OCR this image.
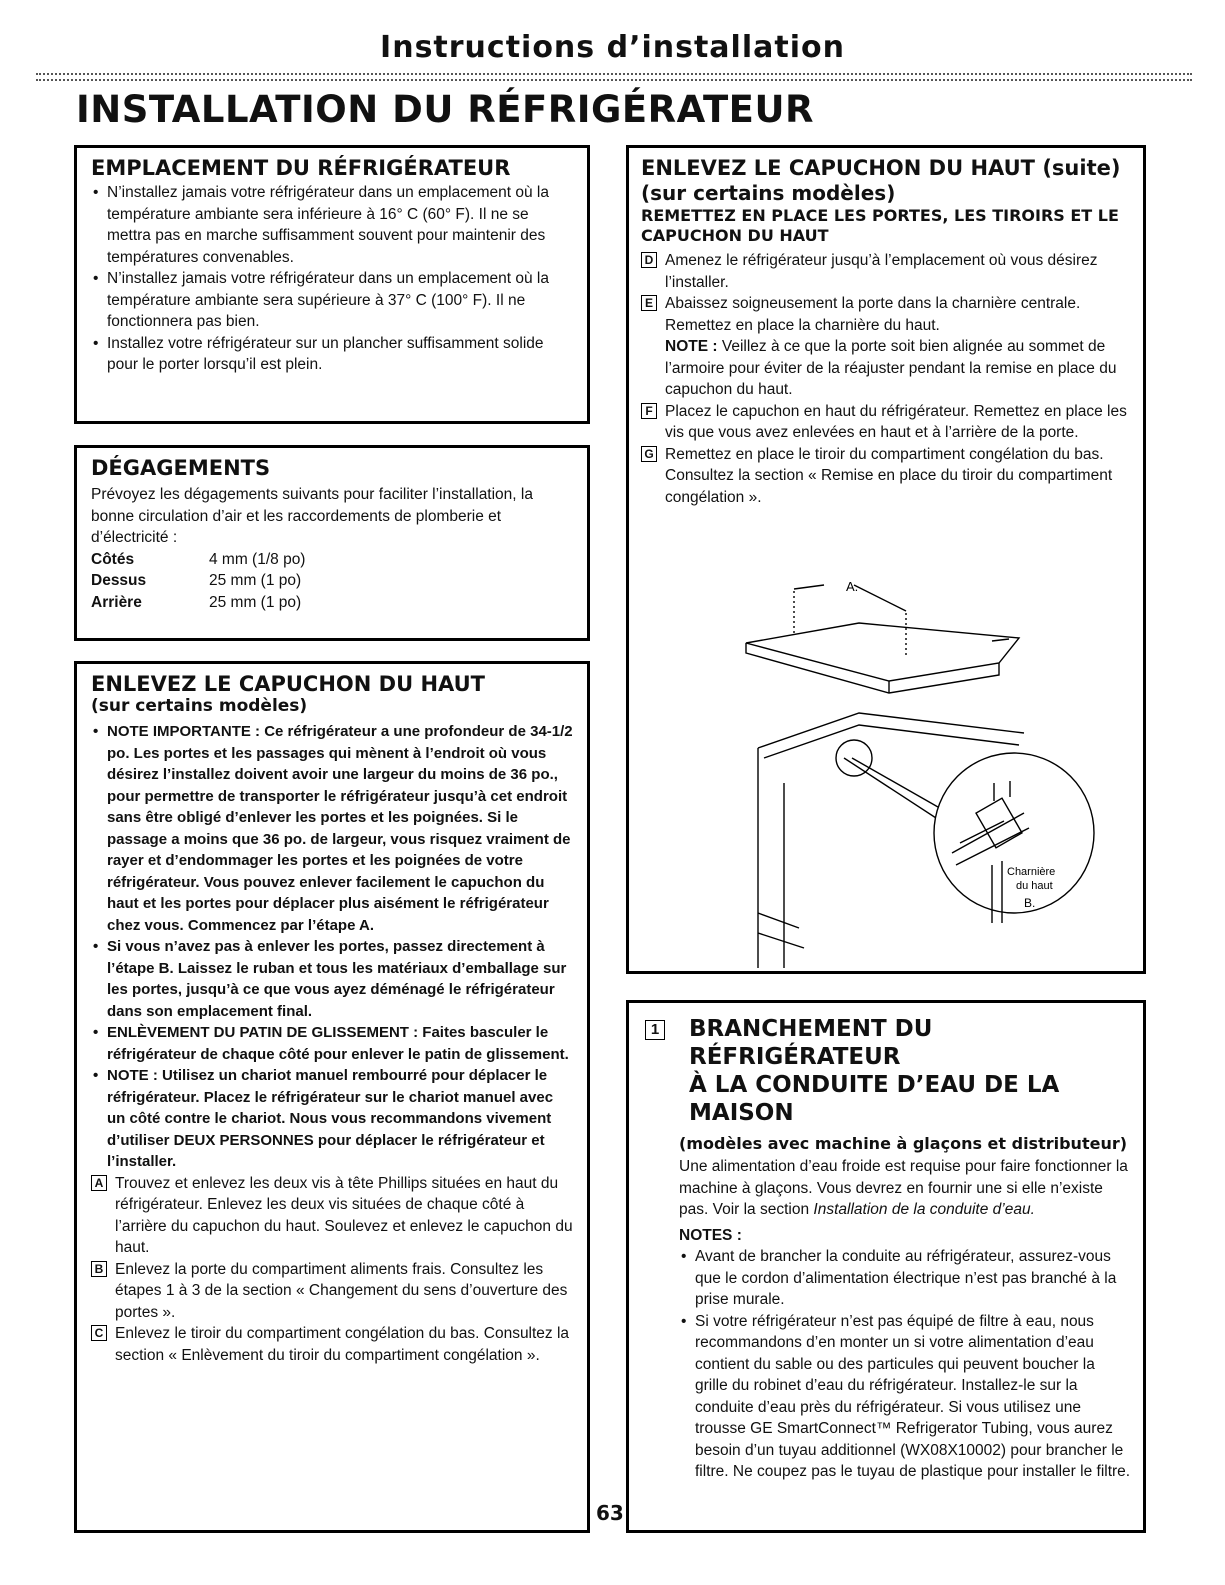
Instructions d’installation
INSTALLATION DU RÉFRIGÉRATEUR
EMPLACEMENT DU RÉFRIGÉRATEUR
• N’installez jamais votre réfrigérateur dans un emplacement où la température ambiante sera inférieure à 16° C (60° F). Il ne se mettra pas en marche suffisamment souvent pour maintenir des températures convenables.
• N’installez jamais votre réfrigérateur dans un emplacement où la température ambiante sera supérieure à 37° C (100° F). Il ne fonctionnera pas bien.
• Installez votre réfrigérateur sur un plancher suffisamment solide pour le porter lorsqu’il est plein.
DÉGAGEMENTS

Prévoyez les dégagements suivants pour faciliter l’installation, la bonne circulation d’air et les raccordements de plomberie et d’électricité :

Côtés	4 mm (1/8 po)
Dessus	25 mm (1 po)
Arrière	25 mm (1 po)
ENLEVEZ LE CAPUCHON DU HAUT

(sur certains modèles)

• NOTE IMPORTANTE : Ce réfrigérateur a une profondeur de 34-1/2 po. Les portes et les passages qui mènent à l’endroit où vous désirez l’installez doivent avoir une largeur du moins de 36 po., pour permettre de transporter le réfrigérateur jusqu’à cet endroit sans être obligé d’enlever les portes et les poignées. Si le passage a moins que 36 po. de largeur, vous risquez vraiment de rayer et d’endommager les portes et les poignées de votre réfrigérateur. Vous pouvez enlever facilement le capuchon du haut et les portes pour déplacer plus aisément le réfrigérateur chez vous. Commencez par l’étape A.
• Si vous n’avez pas à enlever les portes, passez directement à l’étape B. Laissez le ruban et tous les matériaux d’emballage sur les portes, jusqu’à ce que vous ayez déménagé le réfrigérateur dans son emplacement final.
• ENLÈVEMENT DU PATIN DE GLISSEMENT : Faites basculer le réfrigérateur de chaque côté pour enlever le patin de glissement.
• NOTE : Utilisez un chariot manuel rembourré pour déplacer le réfrigérateur. Placez le réfrigérateur sur le chariot manuel avec un côté contre le chariot. Nous vous recommandons vivement d’utiliser DEUX PERSONNES pour déplacer le réfrigérateur et l’installer.
A Trouvez et enlevez les deux vis à tête Phillips situées en haut du réfrigérateur. Enlevez les deux vis situées de chaque côté à l’arrière du capuchon du haut. Soulevez et enlevez le capuchon du haut.
B Enlevez la porte du compartiment aliments frais. Consultez les étapes 1 à 3 de la section « Changement du sens d’ouverture des portes ».
C Enlevez le tiroir du compartiment congélation du bas. Consultez la section « Enlèvement du tiroir du compartiment congélation ».
63
ENLEVEZ LE CAPUCHON DU HAUT (suite)

(sur certains modèles)

REMETTEZ EN PLACE LES PORTES, LES TIROIRS ET LE CAPUCHON DU HAUT

D Amenez le réfrigérateur jusqu’à l’emplacement où vous désirez l’installer.
E Abaissez soigneusement la porte dans la charnière centrale. Remettez en place la charnière du haut.
NOTE : Veillez à ce que la porte soit bien alignée au sommet de l’armoire pour éviter de la réajuster pendant la remise en place du capuchon du haut.
F Placez le capuchon en haut du réfrigérateur. Remettez en place les vis que vous avez enlevées en haut et à l’arrière de la porte.
G Remettez en place le tiroir du compartiment congélation du bas. Consultez la section « Remise en place du tiroir du compartiment congélation ».
A.
Charnière
du haut
B.
1 BRANCHEMENT DU RÉFRIGÉRATEUR
À LA CONDUITE D’EAU DE LA MAISON

(modèles avec machine à glaçons et distributeur)

Une alimentation d’eau froide est requise pour faire fonctionner la machine à glaçons. Vous devrez en fournir une si elle n’existe pas. Voir la section Installation de la conduite d’eau.

NOTES :

• Avant de brancher la conduite au réfrigérateur, assurez-vous que le cordon d’alimentation électrique n’est pas branché à la prise murale.
• Si votre réfrigérateur n’est pas équipé de filtre à eau, nous recommandons d’en monter un si votre alimentation d’eau contient du sable ou des particules qui peuvent boucher la grille du robinet d’eau du réfrigérateur. Installez-le sur la conduite d’eau près du réfrigérateur. Si vous utilisez une trousse GE SmartConnect™ Refrigerator Tubing, vous aurez besoin d’un tuyau additionnel (WX08X10002) pour brancher le filtre. Ne coupez pas le tuyau de plastique pour installer le filtre.
